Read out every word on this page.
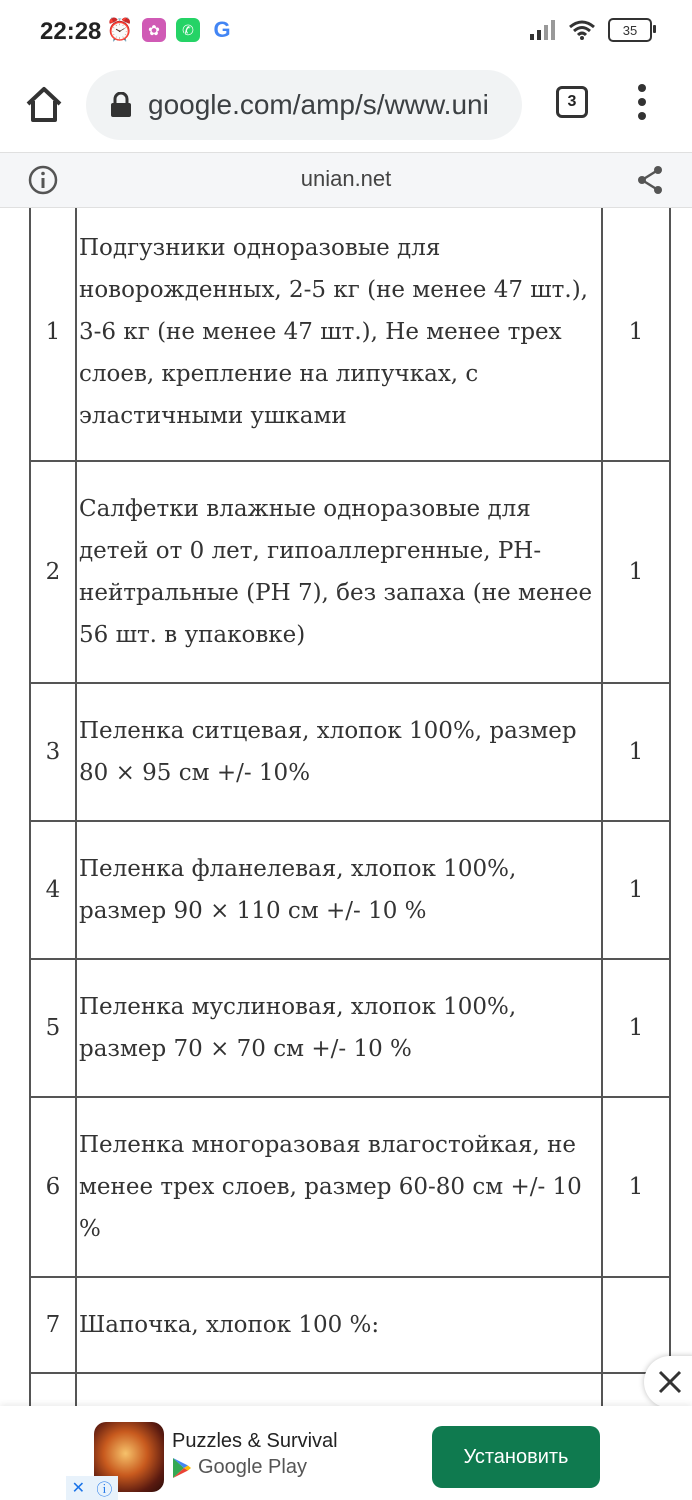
22:28 ⏰	✿	✆ G	35
google.com/amp/s/www.uni	3
unian.net
1	Подгузники одноразовые для новорожденных, 2-5 кг (не менее 47 шт.), 3-6 кг (не менее 47 шт.), Не менее трех слоев, крепление на липучках, с эластичными ушками	1
2	Салфетки влажные одноразовые для детей от 0 лет, гипоаллергенные, PH-нейтральные (PH 7), без запаха (не менее 56 шт. в упаковке)	1
3	Пеленка ситцевая, хлопок 100%, размер 80 × 95 см +/- 10%	1
4	Пеленка фланелевая, хлопок 100%, размер 90 × 110 см +/- 10 %	1
5	Пеленка муслиновая, хлопок 100%, размер 70 × 70 см +/- 10 %	1
6	Пеленка многоразовая влагостойкая, не менее трех слоев, размер 60-80 см +/- 10 %	1
7	Шапочка, хлопок 100 %:	

Puzzles & Survival
Google Play	Установить
✕ ⓘ
